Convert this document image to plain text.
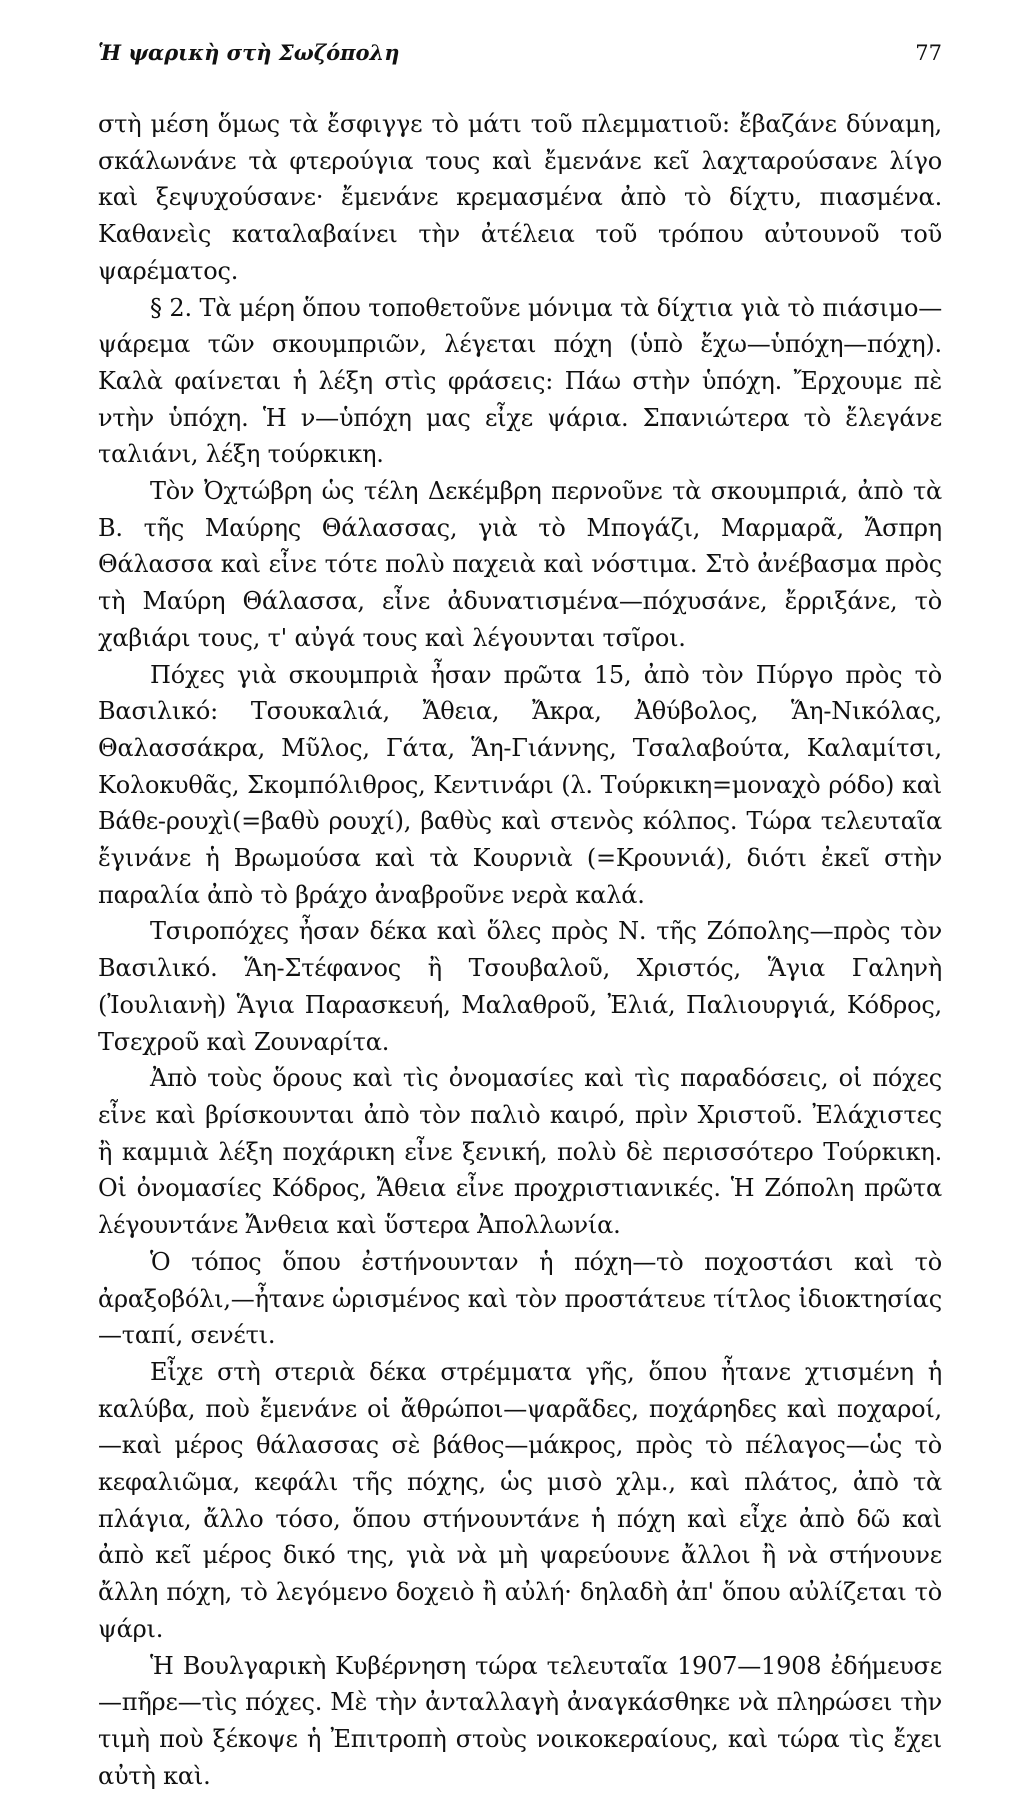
Ἡ ψαρικὴ στὴ Σωζόπολη	77

στὴ μέση ὅμως τὰ ἔσφιγγε τὸ μάτι τοῦ πλεμματιοῦ: ἔβαζάνε δύναμη, σκάλωνάνε τὰ φτερούγια τους καὶ ἔμενάνε κεῖ λαχταρούσανε λίγο καὶ ξεψυχούσανε· ἔμενάνε κρεμασμένα ἀπὸ τὸ δίχτυ, πιασμένα. Καθανεὶς καταλαβαίνει τὴν ἀτέλεια τοῦ τρόπου αὐτουνοῦ τοῦ ψαρέματος.

§ 2. Τὰ μέρη ὅπου τοποθετοῦνε μόνιμα τὰ δίχτια γιὰ τὸ πιάσιμο—ψάρεμα τῶν σκουμπριῶν, λέγεται πόχη (ὑπὸ ἔχω—ὑπόχη—πόχη). Καλὰ φαίνεται ἡ λέξη στὶς φράσεις: Πάω στὴν ὑπόχη. Ἔρχουμε πὲ ντὴν ὑπόχη. Ἡ ν—ὑπόχη μας εἶχε ψάρια. Σπανιώτερα τὸ ἔλεγάνε ταλιάνι, λέξη τούρκικη.

Τὸν Ὀχτώβρη ὡς τέλη Δεκέμβρη περνοῦνε τὰ σκουμπριά, ἀπὸ τὰ Β. τῆς Μαύρης Θάλασσας, γιὰ τὸ Μπογάζι, Μαρμαρᾶ, Ἄσπρη Θάλασσα καὶ εἶνε τότε πολὺ παχειὰ καὶ νόστιμα. Στὸ ἀνέβασμα πρὸς τὴ Μαύρη Θάλασσα, εἶνε ἀδυνατισμένα—πόχυσάνε, ἔρριξάνε, τὸ χαβιάρι τους, τ' αὐγά τους καὶ λέγουνται τσῖροι.

Πόχες γιὰ σκουμπριὰ ἦσαν πρῶτα 15, ἀπὸ τὸν Πύργο πρὸς τὸ Βασιλικό: Τσουκαλιά, Ἄθεια, Ἄκρα, Ἀθύβολος, Ἅη-Νικόλας, Θαλασσάκρα, Μῦλος, Γάτα, Ἅη-Γιάννης, Τσαλαβούτα, Καλαμίτσι, Κολοκυθᾶς, Σκομπόλιθρος, Κεντινάρι (λ. Τούρκικη=μοναχὸ ρόδο) καὶ Βάθε-ρουχὶ(=βαθὺ ρουχί), βαθὺς καὶ στενὸς κόλπος. Τώρα τελευταῖα ἔγινάνε ἡ Βρωμούσα καὶ τὰ Κουρνιὰ (=Κρουνιά), διότι ἐκεῖ στὴν παραλία ἀπὸ τὸ βράχο ἀναβροῦνε νερὰ καλά.

Τσιροπόχες ἦσαν δέκα καὶ ὅλες πρὸς Ν. τῆς Ζόπολης—πρὸς τὸν Βασιλικό. Ἅη-Στέφανος ἢ Τσουβαλοῦ, Χριστός, Ἅγια Γαληνὴ (Ἰουλιανὴ) Ἅγια Παρασκευή, Μαλαθροῦ, Ἐλιά, Παλιουργιά, Κόδρος, Τσεχροῦ καὶ Ζουναρίτα.

Ἀπὸ τοὺς ὅρους καὶ τὶς ὀνομασίες καὶ τὶς παραδόσεις, οἱ πόχες εἶνε καὶ βρίσκουνται ἀπὸ τὸν παλιὸ καιρό, πρὶν Χριστοῦ. Ἐλάχιστες ἢ καμμιὰ λέξη ποχάρικη εἶνε ξενική, πολὺ δὲ περισσότερο Τούρκικη. Οἱ ὀνομασίες Κόδρος, Ἄθεια εἶνε προχριστιανικές. Ἡ Ζόπολη πρῶτα λέγουντάνε Ἄνθεια καὶ ὕστερα Ἀπολλωνία.

Ὁ τόπος ὅπου ἐστήνουνταν ἡ πόχη—τὸ ποχοστάσι καὶ τὸ ἀραξοβόλι,—ἦτανε ὡρισμένος καὶ τὸν προστάτευε τίτλος ἰδιοκτησίας—ταπί, σενέτι.

Εἶχε στὴ στεριὰ δέκα στρέμματα γῆς, ὅπου ἦτανε χτισμένη ἡ καλύβα, ποὺ ἔμενάνε οἱ ἄθρώποι—ψαρᾶδες, ποχάρηδες καὶ ποχαροί,—καὶ μέρος θάλασσας σὲ βάθος—μάκρος, πρὸς τὸ πέλαγος—ὡς τὸ κεφαλιῶμα, κεφάλι τῆς πόχης, ὡς μισὸ χλμ., καὶ πλάτος, ἀπὸ τὰ πλάγια, ἄλλο τόσο, ὅπου στήνουντάνε ἡ πόχη καὶ εἶχε ἀπὸ δῶ καὶ ἀπὸ κεῖ μέρος δικό της, γιὰ νὰ μὴ ψαρεύουνε ἄλλοι ἢ νὰ στήνουνε ἄλλη πόχη, τὸ λεγόμενο δοχειὸ ἢ αὐλή· δηλαδὴ ἀπ' ὅπου αὐλίζεται τὸ ψάρι.

Ἡ Βουλγαρικὴ Κυβέρνηση τώρα τελευταῖα 1907—1908 ἐδήμευσε—πῆρε—τὶς πόχες. Μὲ τὴν ἀνταλλαγὴ ἀναγκάσθηκε νὰ πληρώσει τὴν τιμὴ ποὺ ξέκοψε ἡ Ἐπιτροπὴ στοὺς νοικοκεραίους, καὶ τώρα τὶς ἔχει αὐτὴ καὶ.
